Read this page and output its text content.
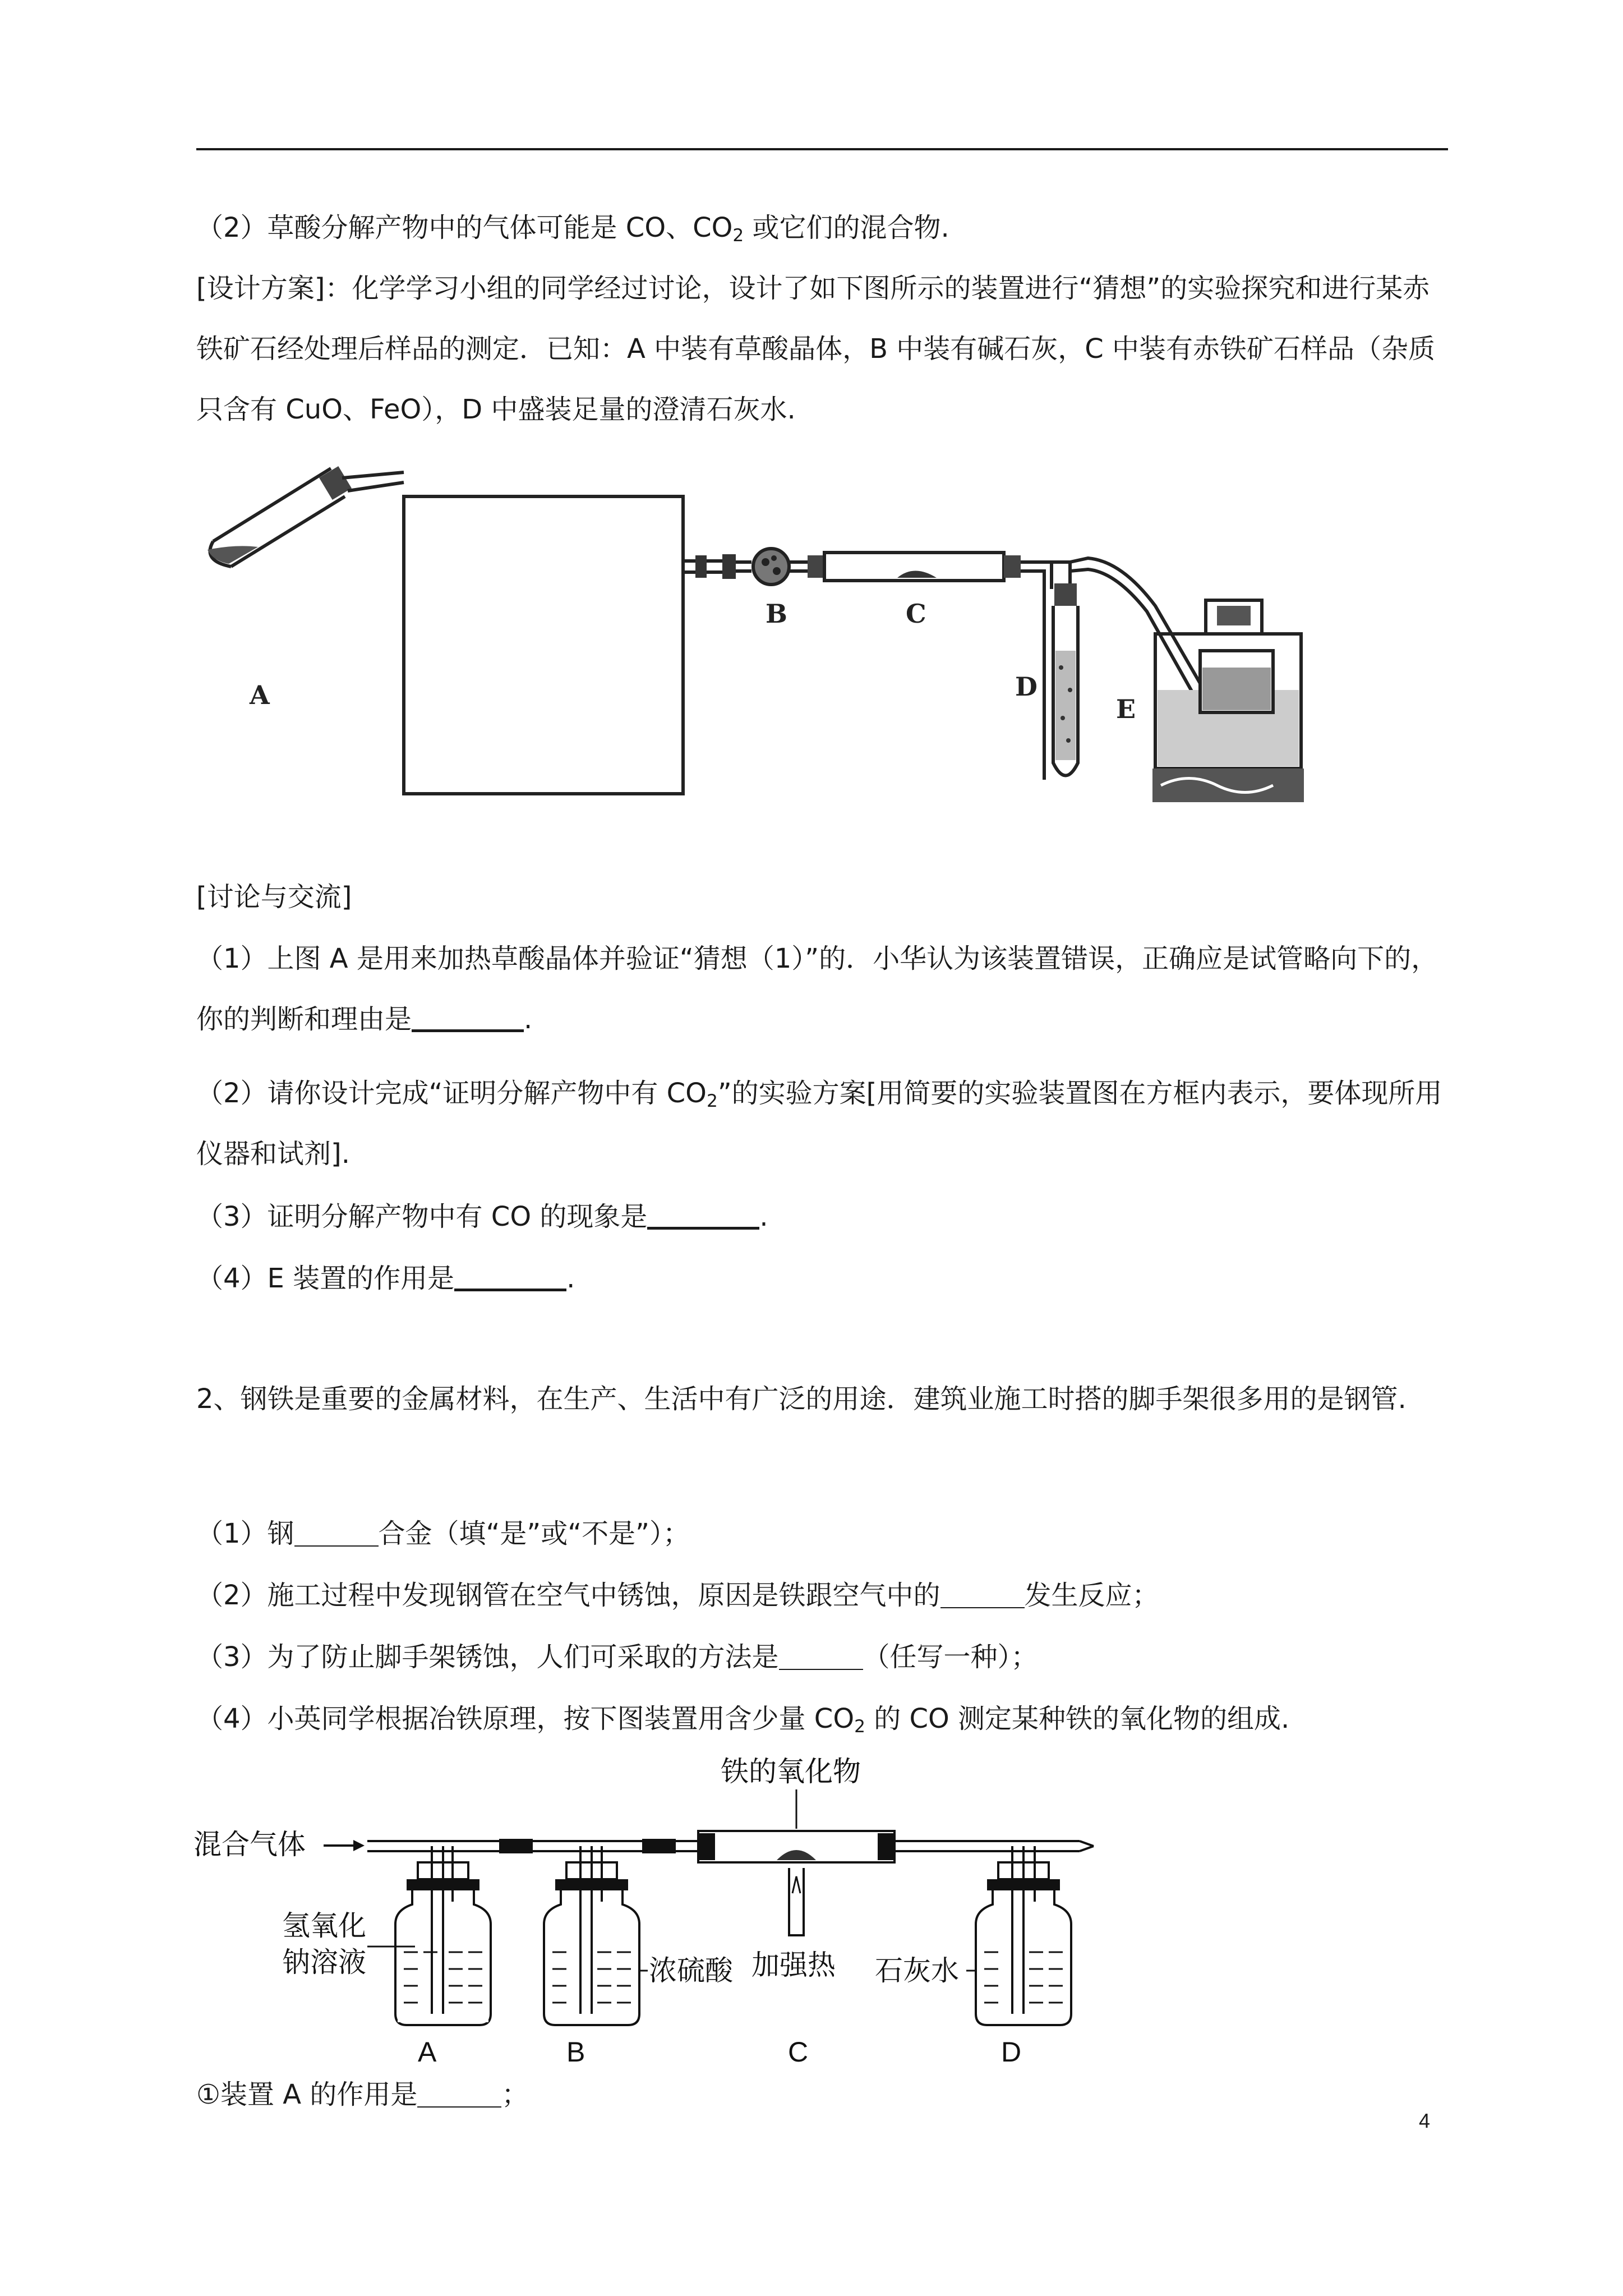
（2）草酸分解产物中的气体可能是 CO、$CO_2$ 或它们的混合物.

[设计方案]：化学学习小组的同学经过讨论，设计了如下图所示的装置进行“猜想”的实验探究和进行某赤铁矿石经处理后样品的测定．已知：A 中装有草酸晶体，B 中装有碱石灰，C 中装有赤铁矿石样品（杂质只含有 CuO、FeO），D 中盛装足量的澄清石灰水.

A
B	C
D
E

[讨论与交流]

（1）上图 A 是用来加热草酸晶体并验证“猜想（1）”的．小华认为该装置错误，正确应是试管略向下的，你的判断和理由是	.

（2）请你设计完成“证明分解产物中有 $CO_2$”的实验方案[用简要的实验装置图在方框内表示，要体现所用仪器和试剂].

（3）证明分解产物中有 CO 的现象是	.

（4）E 装置的作用是	.

2、钢铁是重要的金属材料，在生产、生活中有广泛的用途．建筑业施工时搭的脚手架很多用的是钢管.

（1）钢	合金（填“是”或“不是”）；

（2）施工过程中发现钢管在空气中锈蚀，原因是铁跟空气中的	发生反应；

（3）为了防止脚手架锈蚀，人们可采取的方法是	（任写一种）；

（4）小英同学根据冶铁原理，按下图装置用含少量 $CO_2$ 的 CO 测定某种铁的氧化物的组成.

混合气体
氢氧化
钠溶液
A
浓硫酸
B
铁的氧化物
加强热
C
石灰水
D

①装置 A 的作用是	；

4
